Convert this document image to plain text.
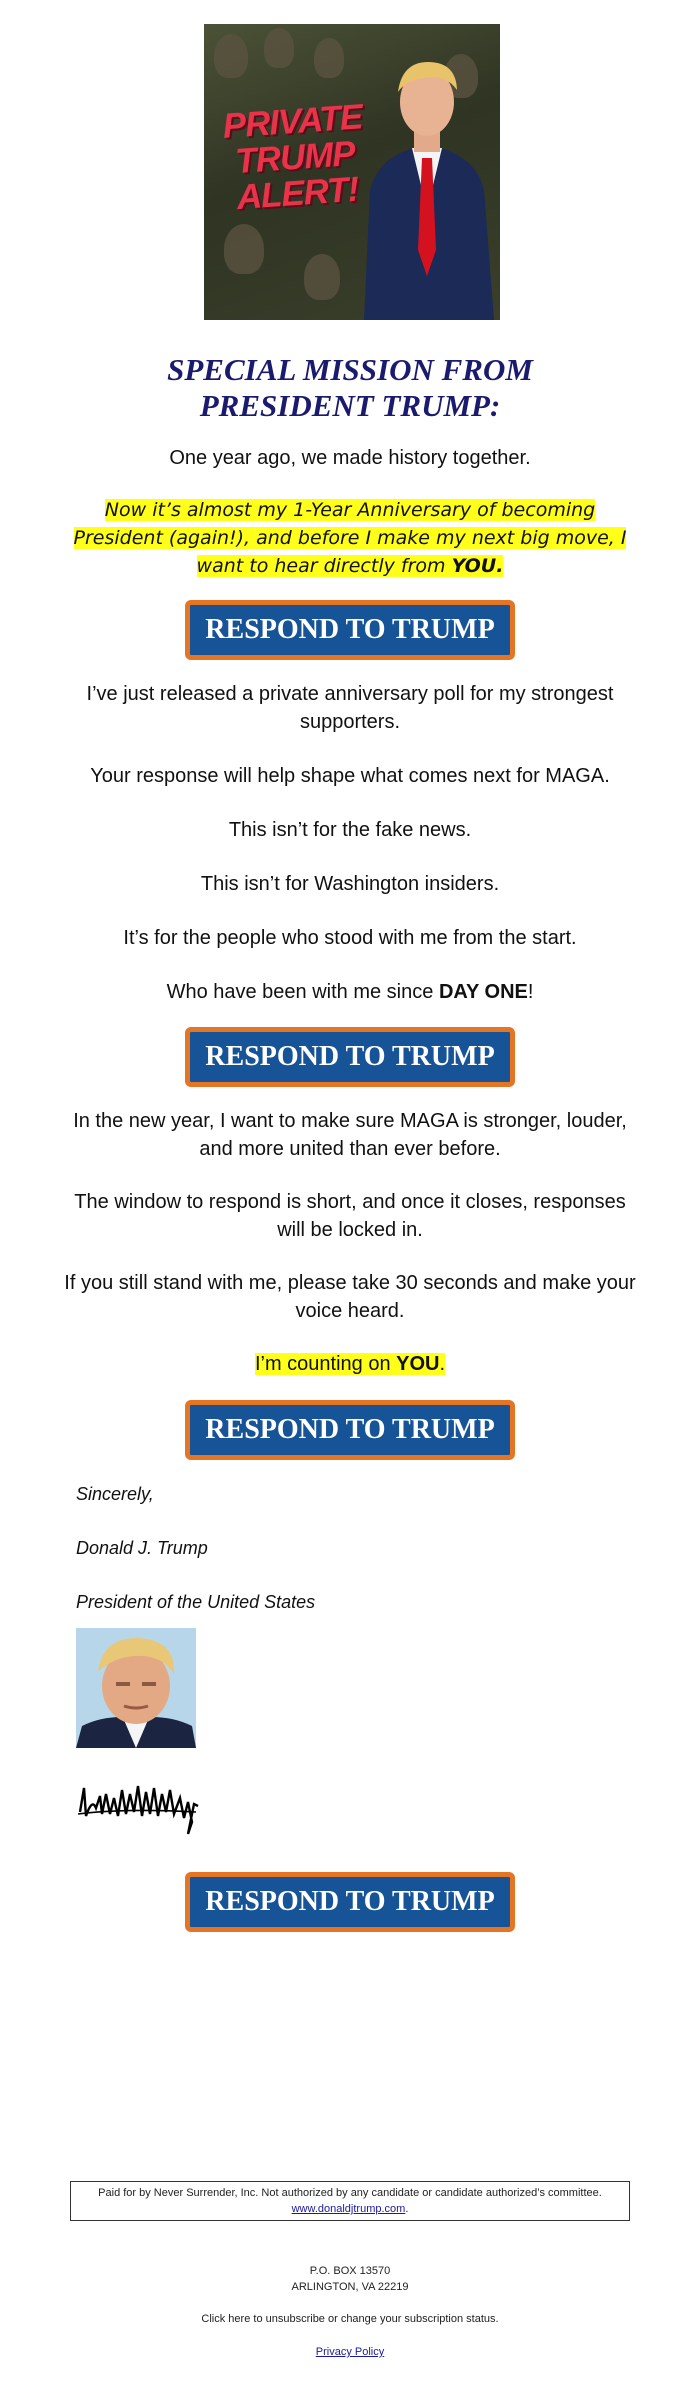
PRIVATE
TRUMP
ALERT!
SPECIAL MISSION FROM
PRESIDENT TRUMP:
One year ago, we made history together.
Now it’s almost my 1-Year Anniversary of becoming President (again!), and before I make my next big move, I want to hear directly from YOU.
RESPOND TO TRUMP
I’ve just released a private anniversary poll for my strongest supporters.
Your response will help shape what comes next for MAGA.
This isn’t for the fake news.
This isn’t for Washington insiders.
It’s for the people who stood with me from the start.
Who have been with me since DAY ONE!
RESPOND TO TRUMP
In the new year, I want to make sure MAGA is stronger, louder, and more united than ever before.
The window to respond is short, and once it closes, responses will be locked in.
If you still stand with me, please take 30 seconds and make your voice heard.
I’m counting on YOU.
RESPOND TO TRUMP
Sincerely,
Donald J. Trump
President of the United States
RESPOND TO TRUMP
Paid for by Never Surrender, Inc. Not authorized by any candidate or candidate authorized’s committee.
www.donaldjtrump.com.
P.O. BOX 13570
ARLINGTON, VA 22219
Click here to unsubscribe or change your subscription status.
Privacy Policy
